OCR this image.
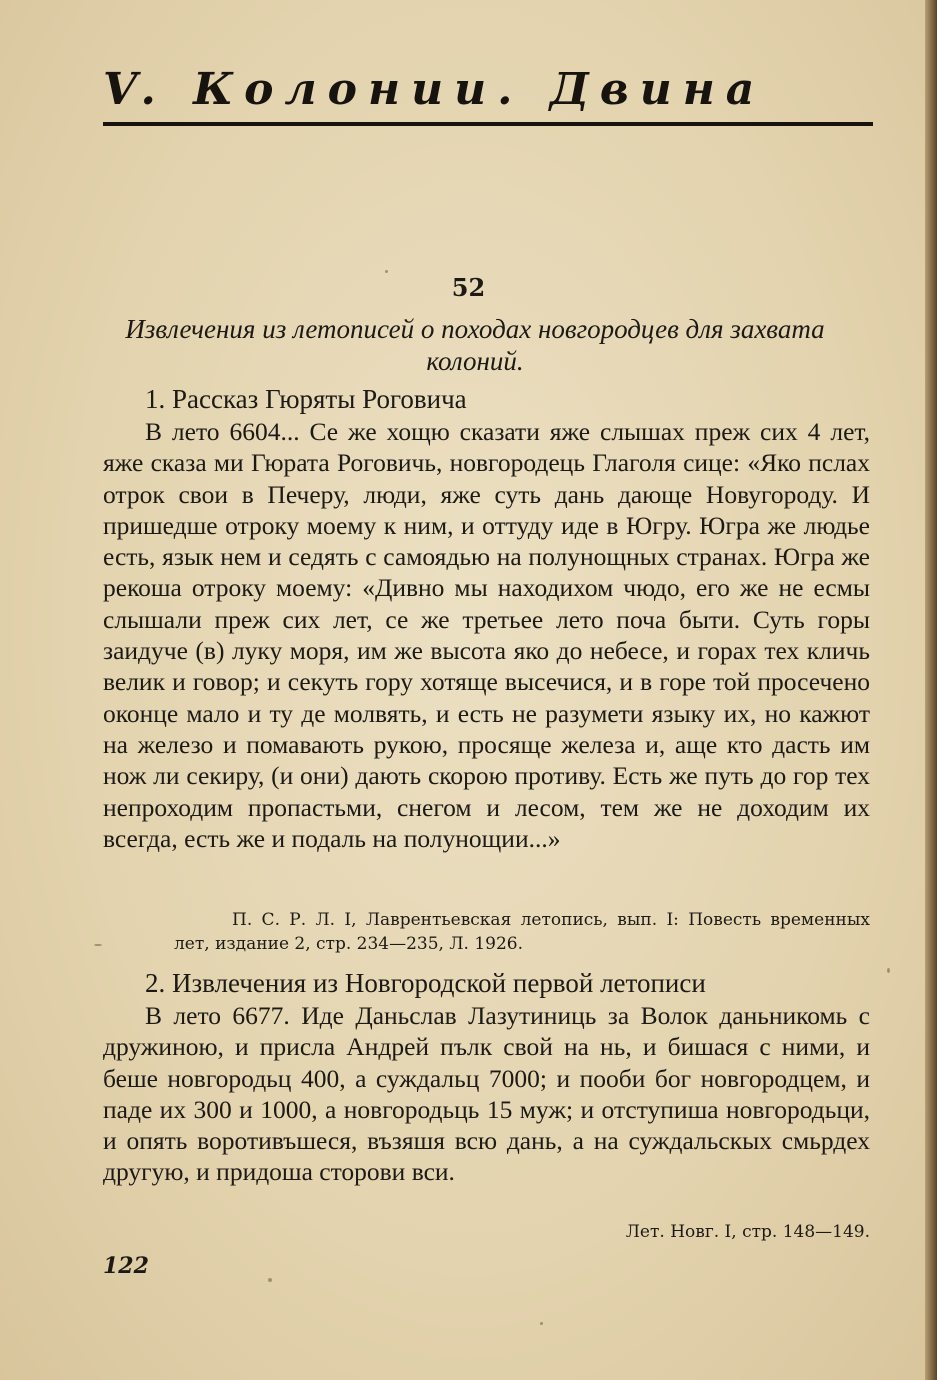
V. Колонии. Двина
52
Извлечения из летописей о походах новгородцев для захвата колоний.
1. Рассказ Гюряты Роговича

В лето 6604... Се же хощю сказати яже слышах преж сих 4 лет, яже сказа ми Гюрата Роговичь, новгородець Глаголя сице: «Яко пслах отрок свои в Печеру, люди, яже суть дань дающе Новугороду. И пришедше отроку моему к ним, и оттуду иде в Югру. Югра же людье есть, язык нем и седять с самоядью на полунощных странах. Югра же рекоша отроку моему: «Дивно мы находихом чюдо, его же не есмы слышали преж сих лет, се же третьее лето поча быти. Суть горы заидуче (в) луку моря, им же высота яко до небесе, и горах тех кличь велик и говор; и секуть гору хотяще высечися, и в горе той просечено оконце мало и ту де молвять, и есть не разумети языку их, но кажют на железо и помавають рукою, просяще железа и, аще кто дасть им нож ли секиру, (и они) дають скорою противу. Есть же путь до гор тех непроходим пропастьми, снегом и лесом, тем же не доходим их всегда, есть же и подаль на полунощии...»

П. С. Р. Л. I, Лаврентьевская летопись, вып. I: Повесть временных лет, издание 2, стр. 234—235, Л. 1926.
2. Извлечения из Новгородской первой летописи

В лето 6677. Иде Даньслав Лазутиниць за Волок даньникомь с дружиною, и присла Андрей пълк свой на нь, и бишася с ними, и беше новгородьц 400, а суждальц 7000; и пооби бог новгородцем, и паде их 300 и 1000, а новгородьць 15 муж; и отступиша новгородьци, и опять воротивъшеся, възяшя всю дань, а на суждальскых смьрдех другую, и придоша сторови вси.

Лет. Новг. I, стр. 148—149.
122
